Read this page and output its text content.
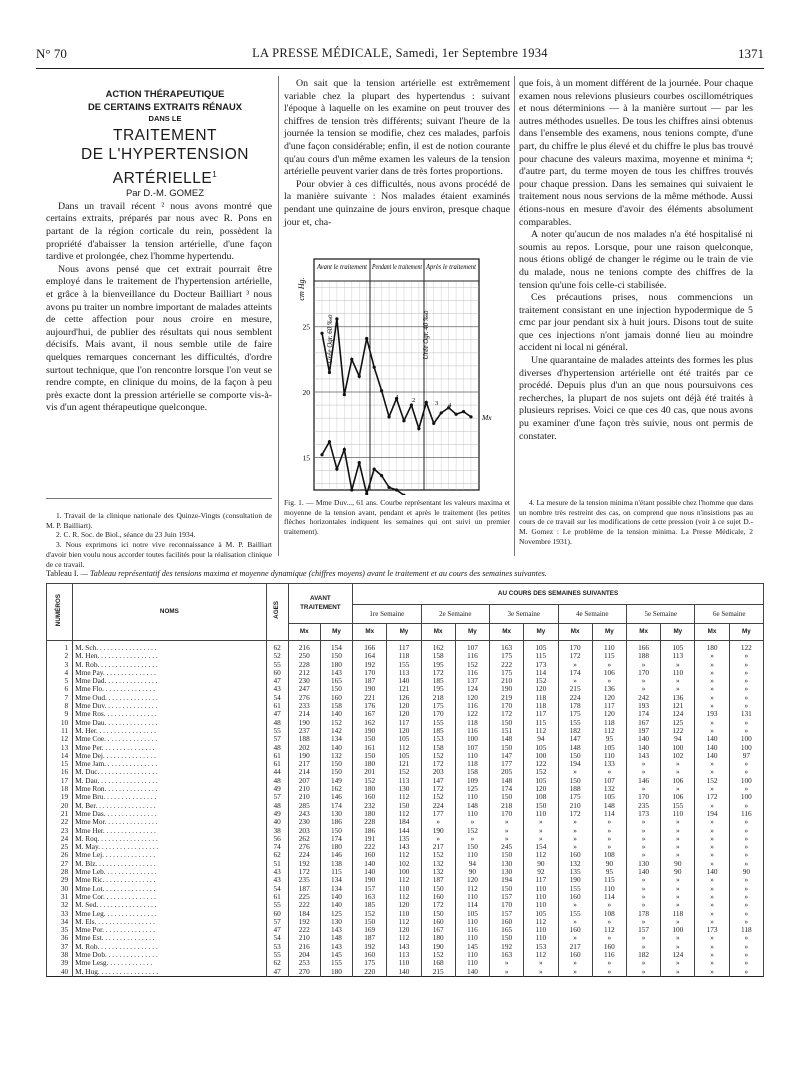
N° 70	LA PRESSE MÉDICALE, Samedi, 1er Septembre 1934	1371

ACTION THÉRAPEUTIQUE

DE CERTAINS EXTRAITS RÉNAUX

DANS LE

TRAITEMENT

DE L'HYPERTENSION

ARTÉRIELLE$^1$

Par D.-M. GOMEZ

Dans un travail récent ² nous avons montré que certains extraits, préparés par nous avec R. Pons en partant de la région corticale du rein, possèdent la propriété d'abaisser la tension artérielle, d'une façon tardive et prolongée, chez l'homme hypertendu.

Nous avons pensé que cet extrait pourrait être employé dans le traitement de l'hypertension artérielle, et grâce à la bienveillance du Docteur Bailliart ³ nous avons pu traiter un nombre important de malades atteints de cette affection pour nous croire en mesure, aujourd'hui, de publier des résultats qui nous semblent décisifs. Mais avant, il nous semble utile de faire quelques remarques concernant les difficultés, d'ordre surtout technique, que l'on rencontre lorsque l'on veut se rendre compte, en clinique du moins, de la façon à peu près exacte dont la pression artérielle se comporte vis-à-vis d'un agent thérapeutique quelconque.

1. Travail de la clinique nationale des Quinze-Vingts (consultation de M. P. Bailliart).

2. C. R. Soc. de Biol., séance du 23 Juin 1934.

3. Nous exprimons ici notre vive reconnaissance à M. P. Bailliart d'avoir bien voulu nous accorder toutes facilités pour la réalisation clinique de ce travail.

On sait que la tension artérielle est extrêmement variable chez la plupart des hypertendus : suivant l'époque à laquelle on les examine on peut trouver des chiffres de tension très différents; suivant l'heure de la journée la tension se modifie, chez ces malades, parfois d'une façon considérable; enfin, il est de notion courante qu'au cours d'un même examen les valeurs de la tension artérielle peuvent varier dans de très fortes proportions.

Pour obvier à ces difficultés, nous avons procédé de la manière suivante : Nos malades étaient examinés pendant une quinzaine de jours environ, presque chaque jour et, cha-

15
20
25
cm Hg.
Avant le traitement Pendant le traitement Après le traitement
Urée Ogr. 60 ‰o	Urée Ogr. 40 ‰o
Mx
1 2	3 4
Fig. 1. — Mme Duv..., 61 ans. Courbe représentant les valeurs maxima et moyenne de la tension avant, pendant et après le traitement (les petites flèches horizontales indiquent les semaines qui ont suivi un premier traitement).

que fois, à un moment différent de la journée. Pour chaque examen nous relevions plusieurs courbes oscillométriques et nous déterminions — à la manière surtout — par les autres méthodes usuelles. De tous les chiffres ainsi obtenus dans l'ensemble des examens, nous tenions compte, d'une part, du chiffre le plus élevé et du chiffre le plus bas trouvé pour chacune des valeurs maxima, moyenne et minima ⁴; d'autre part, du terme moyen de tous les chiffres trouvés pour chaque pression. Dans les semaines qui suivaient le traitement nous nous servions de la même méthode. Aussi étions-nous en mesure d'avoir des éléments absolument comparables.

A noter qu'aucun de nos malades n'a été hospitalisé ni soumis au repos. Lorsque, pour une raison quelconque, nous étions obligé de changer le régime ou le train de vie du malade, nous ne tenions compte des chiffres de la tension qu'une fois celle-ci stabilisée.

Ces précautions prises, nous commencions un traitement consistant en une injection hypodermique de 5 cmc par jour pendant six à huit jours. Disons tout de suite que ces injections n'ont jamais donné lieu au moindre accident ni local ni général.

Une quarantaine de malades atteints des formes les plus diverses d'hypertension artérielle ont été traités par ce procédé. Depuis plus d'un an que nous poursuivons ces recherches, la plupart de nos sujets ont déjà été traités à plusieurs reprises. Voici ce que ces 40 cas, que nous avons pu examiner d'une façon très suivie, nous ont permis de constater.

4. La mesure de la tension minima n'étant possible chez l'homme que dans un nombre très restreint des cas, on comprend que nous n'insistions pas au cours de ce travail sur les modifications de cette pression (voir à ce sujet D.-M. Gomez : Le problème de la tension minima. La Presse Médicale, 2 Novembre 1931).

Tableau I. — Tableau représentatif des tensions maxima et moyenne dynamique (chiffres moyens) avant le traitement et au cours des semaines suivantes.
NUMÉROS	NOMS	AGES	AVANT TRAITEMENT		AU COURS DES SEMAINES SUIVANTES											
					1re Semaine		2e Semaine		3e Semaine		4e Semaine		5e Semaine		6e Semaine	
			Mx	My	Mx	My	Mx	My	Mx	My	Mx	My	Mx	My	Mx	My
1	M. Sch. . . . . . . . . . . . . . . . .	62	216	154	166	117	162	107	163	105	170	110	166	105	180	122
2	M. Hen. . . . . . . . . . . . . . . . .	52	250	150	164	118	158	116	175	115	172	115	188	113	»	»
3	M. Rob. . . . . . . . . . . . . . . . .	55	228	180	192	155	195	152	222	173	»	»	»	»	»	»
4	Mme Pay. . . . . . . . . . . . . . .	60	212	143	170	113	172	116	175	114	174	106	170	110	»	»
5	Mme Dad. . . . . . . . . . . . . . .	47	230	165	187	140	185	137	210	152	»	»	»	»	»	»
6	Mme Flo. . . . . . . . . . . . . . .	43	247	150	190	121	195	124	190	120	215	136	»	»	»	»
7	Mme Oud. . . . . . . . . . . . . . .	54	276	160	221	126	218	120	219	118	224	120	242	136	»	»
8	Mme Duv. . . . . . . . . . . . . . .	61	233	158	176	120	175	116	170	118	178	117	193	121	»	»
9	Mme Ros. . . . . . . . . . . . . . .	47	214	140	167	120	170	122	172	117	175	120	174	124	193	131
10	Mme Dau. . . . . . . . . . . . . . .	48	190	152	162	117	155	118	150	115	155	118	167	125	»	»
11	M. Her. . . . . . . . . . . . . . . . .	55	237	142	190	120	185	116	151	112	182	112	197	122	»	»
12	Mme Coe. . . . . . . . . . . . . . .	57	188	134	150	105	153	100	148	94	147	95	140	94	140	100
13	Mme Per. . . . . . . . . . . . . . .	48	202	140	161	112	158	107	150	105	148	105	140	100	140	100
14	Mme Dej. . . . . . . . . . . . . . .	61	190	132	150	105	152	110	147	100	150	110	143	102	140	97
15	Mme Jam. . . . . . . . . . . . . . .	61	217	150	180	121	172	118	177	122	194	133	»	»	»	»
16	M. Duc. . . . . . . . . . . . . . . . .	44	214	150	201	152	203	158	205	152	»	»	»	»	»	»
17	M. Dau. . . . . . . . . . . . . . . . .	48	207	149	152	113	147	109	148	105	150	107	146	106	152	100
18	Mme Ron. . . . . . . . . . . . . . .	49	210	162	180	130	172	125	174	120	188	132	»	»	»	»
19	Mme Bru. . . . . . . . . . . . . . .	57	210	146	160	112	152	110	150	108	175	105	170	106	172	100
20	M. Ber. . . . . . . . . . . . . . . . .	48	285	174	232	150	224	148	218	150	210	148	235	155	»	»
21	Mme Das. . . . . . . . . . . . . . .	49	243	130	180	112	177	110	170	110	172	114	173	110	194	116
22	Mme Mor. . . . . . . . . . . . . . .	40	230	186	228	184	»	»	»	»	»	»	»	»	»	»
23	Mme Her. . . . . . . . . . . . . . .	38	203	150	186	144	190	152	»	»	»	»	»	»	»	»
24	M. Roq. . . . . . . . . . . . . . . . .	56	262	174	191	135	»	»	»	»	»	»	»	»	»	»
25	M. May. . . . . . . . . . . . . . . . .	74	276	180	222	143	217	150	245	154	»	»	»	»	»	»
26	Mme Lej. . . . . . . . . . . . . . .	62	224	146	160	112	152	110	150	112	160	108	»	»	»	»
27	M. Blz. . . . . . . . . . . . . . . . .	51	192	138	140	102	132	94	130	90	132	90	130	90	»	»
28	Mme Leb. . . . . . . . . . . . . . .	43	172	115	140	100	132	90	130	92	135	95	140	90	140	90
29	Mme Ric. . . . . . . . . . . . . . .	43	235	134	190	112	187	120	194	117	190	115	»	»	»	»
30	Mme Lot. . . . . . . . . . . . . . .	54	187	134	157	110	150	112	150	110	155	110	»	»	»	»
31	Mme Cor. . . . . . . . . . . . . . .	61	225	140	163	112	160	110	157	110	160	114	»	»	»	»
32	M. Sed. . . . . . . . . . . . . . . . .	55	222	140	185	120	172	114	170	110	»	»	»	»	»	»
33	Mme Leg. . . . . . . . . . . . . . .	60	184	125	152	110	150	105	157	105	155	108	178	118	»	»
34	M. Els. . . . . . . . . . . . . . . . .	57	192	130	150	112	160	110	160	112	»	»	»	»	»	»
35	Mme Por. . . . . . . . . . . . . . .	47	222	143	169	120	167	116	165	110	160	112	157	100	173	118
36	Mme Est. . . . . . . . . . . . . . .	54	210	148	187	112	180	110	150	110	»	»	»	»	»	»
37	M. Rob. . . . . . . . . . . . . . . . .	53	216	143	192	143	190	145	192	153	217	160	»	»	»	»
38	Mme Dob. . . . . . . . . . . . . . .	55	204	145	160	113	152	110	163	112	160	116	182	124	»	»
39	Mme Lesg. . . . . . . . . . . . .	62	253	155	175	110	168	110	»	»	»	»	»	»	»	»
40	M. Hug. . . . . . . . . . . . . . . . .	47	270	180	220	140	215	140	»	»	»	»	»	»	»	»
